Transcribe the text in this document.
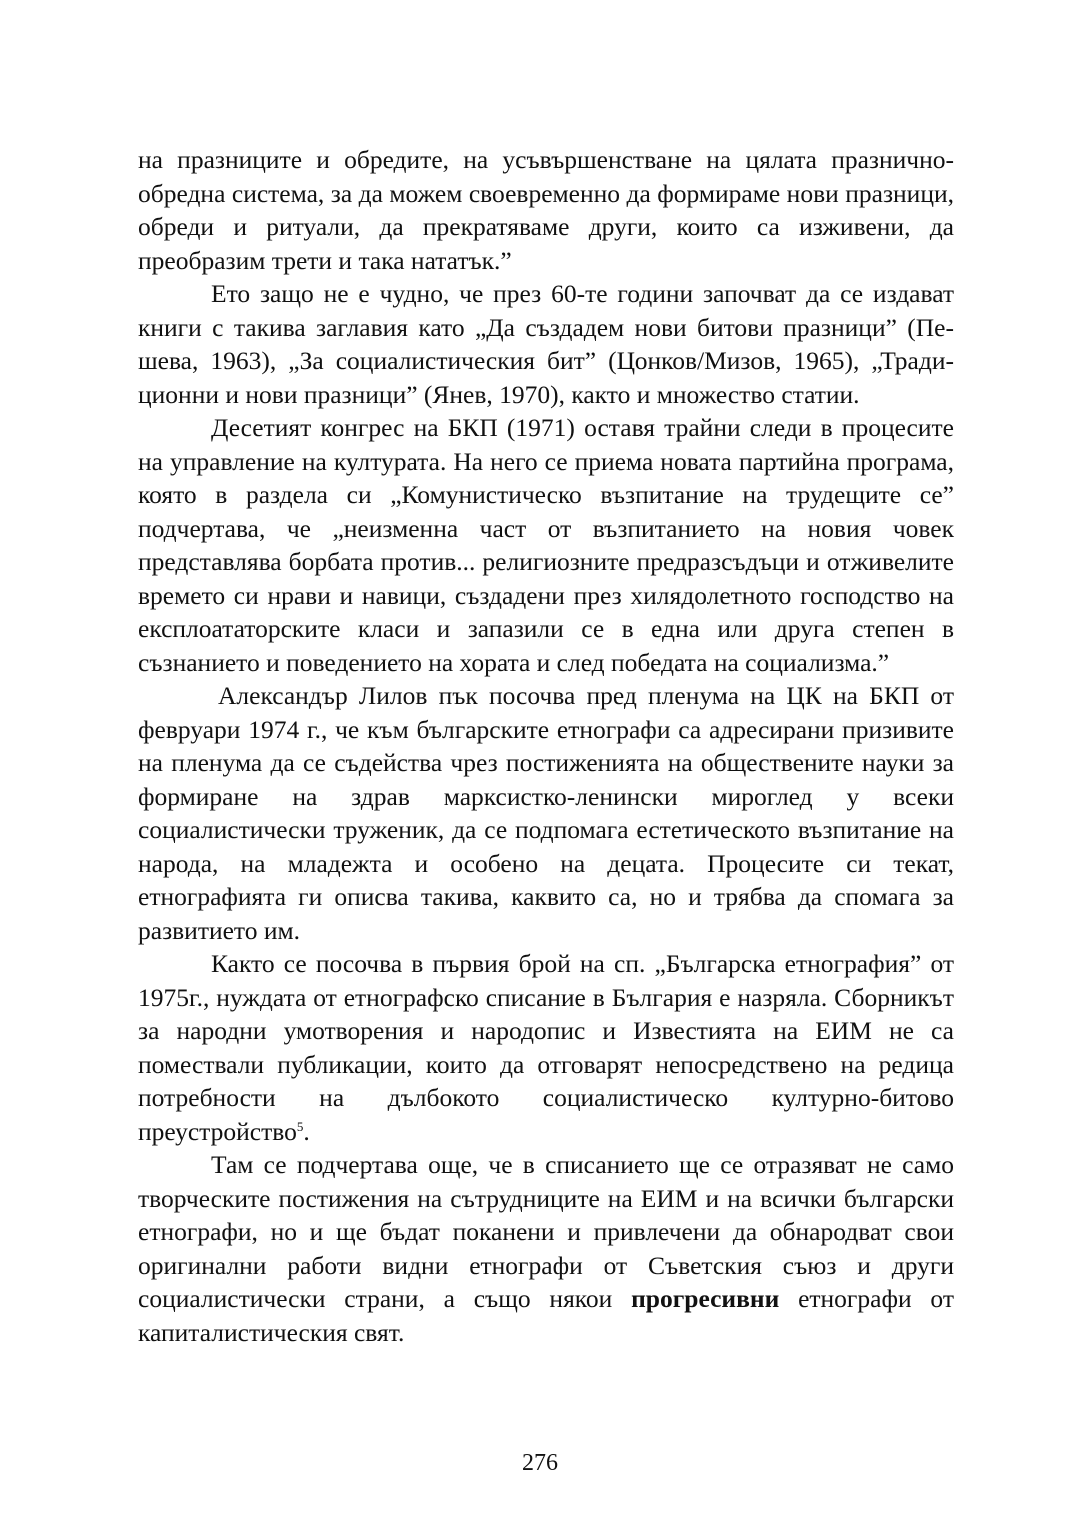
на празниците и обредите, на усъвършенстване на цялата празнично-обредна система, за да можем своевременно да формираме нови празници, обреди и ритуали, да прекратяваме други, които са изживени, да преобразим трети и така нататък.”

Ето защо не е чудно, че през 60-те години започват да се издават книги с такива заглавия като „Да създадем нови битови празници” (Пешева, 1963), „За социалистическия бит” (Цонков/Мизов, 1965), „Традиционни и нови празници” (Янев, 1970), както и множество статии.

Десетият конгрес на БКП (1971) оставя трайни следи в процесите на управление на културата. На него се приема новата партийна програма, която в раздела си „Комунистическо възпитание на трудещите се” подчертава, че „неизменна част от възпитанието на новия човек представлява борбата против... религиозните предразсъдъци и отживелите времето си нрави и навици, създадени през хилядолетното господство на експлоататорските класи и запазили се в една или друга степен в съзнанието и поведението на хората и след победата на социализма.”

Александър Лилов пък посочва пред пленума на ЦК на БКП от февруари 1974 г., че към българските етнографи са адресирани призивите на пленума да се съдейства чрез постиженията на обществените науки за формиране на здрав марксистко-ленински мироглед у всеки социалистически труженик, да се подпомага естетическото възпитание на народа, на младежта и особено на децата. Процесите си текат, етнографията ги описва такива, каквито са, но и трябва да спомага за развитието им.

Както се посочва в първия брой на сп. „Българска етнография” от 1975г., нуждата от етнографско списание в България е назряла. Сборникът за народни умотворения и народопис и Известията на ЕИМ не са помествали публикации, които да отговарят непосредствено на редица потребности на дълбокото социалистическо културно-битово преустройство$^5$.

Там се подчертава още, че в списанието ще се отразяват не само творческите постижения на сътрудниците на ЕИМ и на всички български етнографи, но и ще бъдат поканени и привлечени да обнародват свои оригинални работи видни етнографи от Съветския съюз и други социалистически страни, а също някои прогресивни етнографи от капиталистическия свят.

276
